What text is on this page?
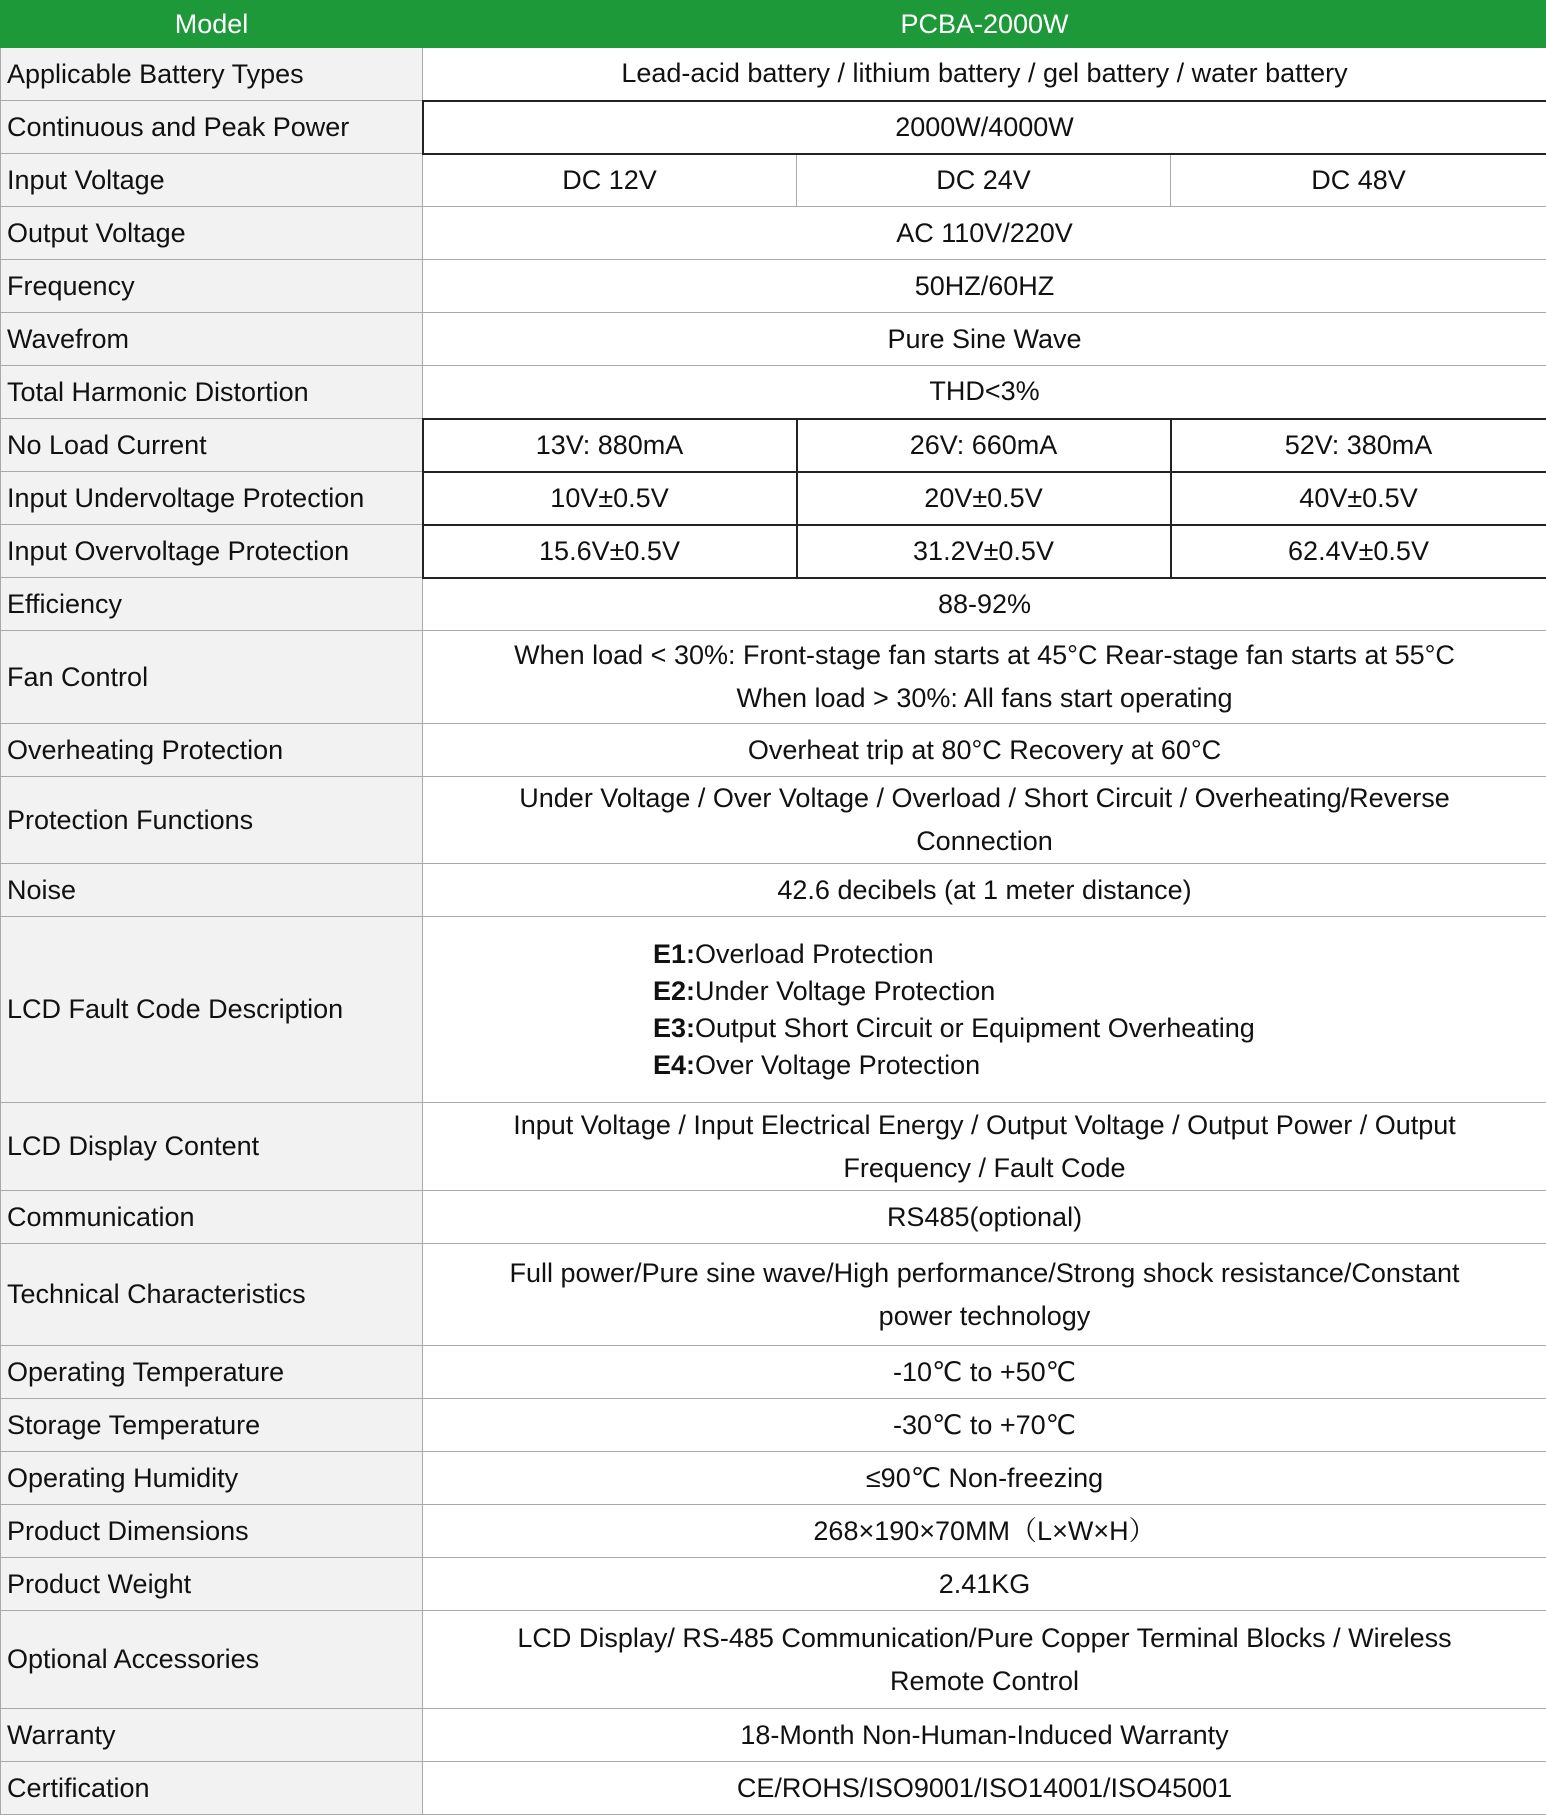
Model	PCBA-2000W		
Applicable Battery Types	Lead-acid battery / lithium battery / gel battery / water battery		
Continuous and Peak Power	2000W/4000W		
Input Voltage	DC 12V	DC 24V	DC 48V
Output Voltage	AC 110V/220V		
Frequency	50HZ/60HZ		
Wavefrom	Pure Sine Wave		
Total Harmonic Distortion	THD<3%		
No Load Current	13V: 880mA	26V: 660mA	52V: 380mA
Input Undervoltage Protection	10V±0.5V	20V±0.5V	40V±0.5V
Input Overvoltage Protection	15.6V±0.5V	31.2V±0.5V	62.4V±0.5V
Efficiency	88-92%		
Fan Control	When load < 30%: Front-stage fan starts at 45°C Rear-stage fan starts at 55°C
When load > 30%: All fans start operating		

Overheating Protection	Overheat trip at 80°C Recovery at 60°C		
Protection Functions	Under Voltage / Over Voltage / Overload / Short Circuit / Overheating/Reverse
Connection		

Noise	42.6 decibels (at 1 meter distance)		
LCD Fault Code Description	E1:Overload Protection
E2:Under Voltage Protection
E3:Output Short Circuit or Equipment Overheating
E4:Over Voltage Protection		

LCD Display Content	Input Voltage / Input Electrical Energy / Output Voltage / Output Power / Output
Frequency / Fault Code		

Communication	RS485(optional)		
Technical Characteristics	Full power/Pure sine wave/High performance/Strong shock resistance/Constant
power technology		

Operating Temperature	-10℃ to +50℃		
Storage Temperature	-30℃ to +70℃		
Operating Humidity	≤90℃ Non-freezing		
Product Dimensions	268×190×70MM（L×W×H）		
Product Weight	2.41KG		
Optional Accessories	LCD Display/ RS-485 Communication/Pure Copper Terminal Blocks / Wireless
Remote Control		

Warranty	18-Month Non-Human-Induced Warranty		
Certification	CE/ROHS/ISO9001/ISO14001/ISO45001		
